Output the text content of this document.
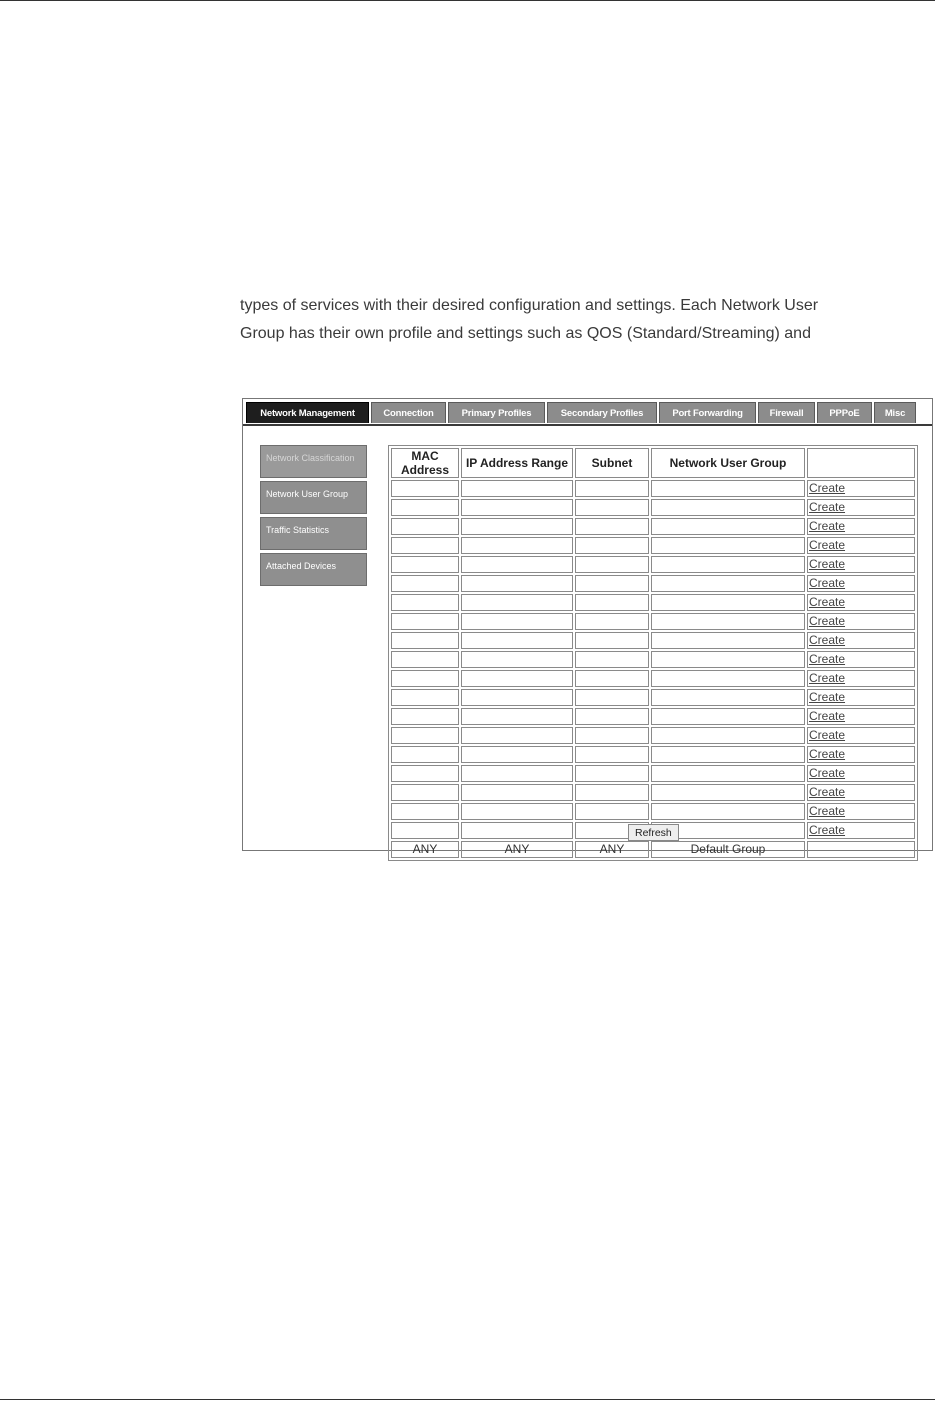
types of services with their desired configuration and settings. Each Network User
Group has their own profile and settings such as QOS (Standard/Streaming) and
Network Management	Connection	Primary Profiles	Secondary Profiles	Port Forwarding	Firewall	PPPoE	Misc
Network Classification
Network User Group
Traffic Statistics
Attached Devices
MAC Address	IP Address Range	Subnet	Network User Group	
				Create
				Create
				Create
				Create
				Create
				Create
				Create
				Create
				Create
				Create
				Create
				Create
				Create
				Create
				Create
				Create
				Create
				Create
				Create
ANY	ANY	ANY	Default Group	
Refresh
